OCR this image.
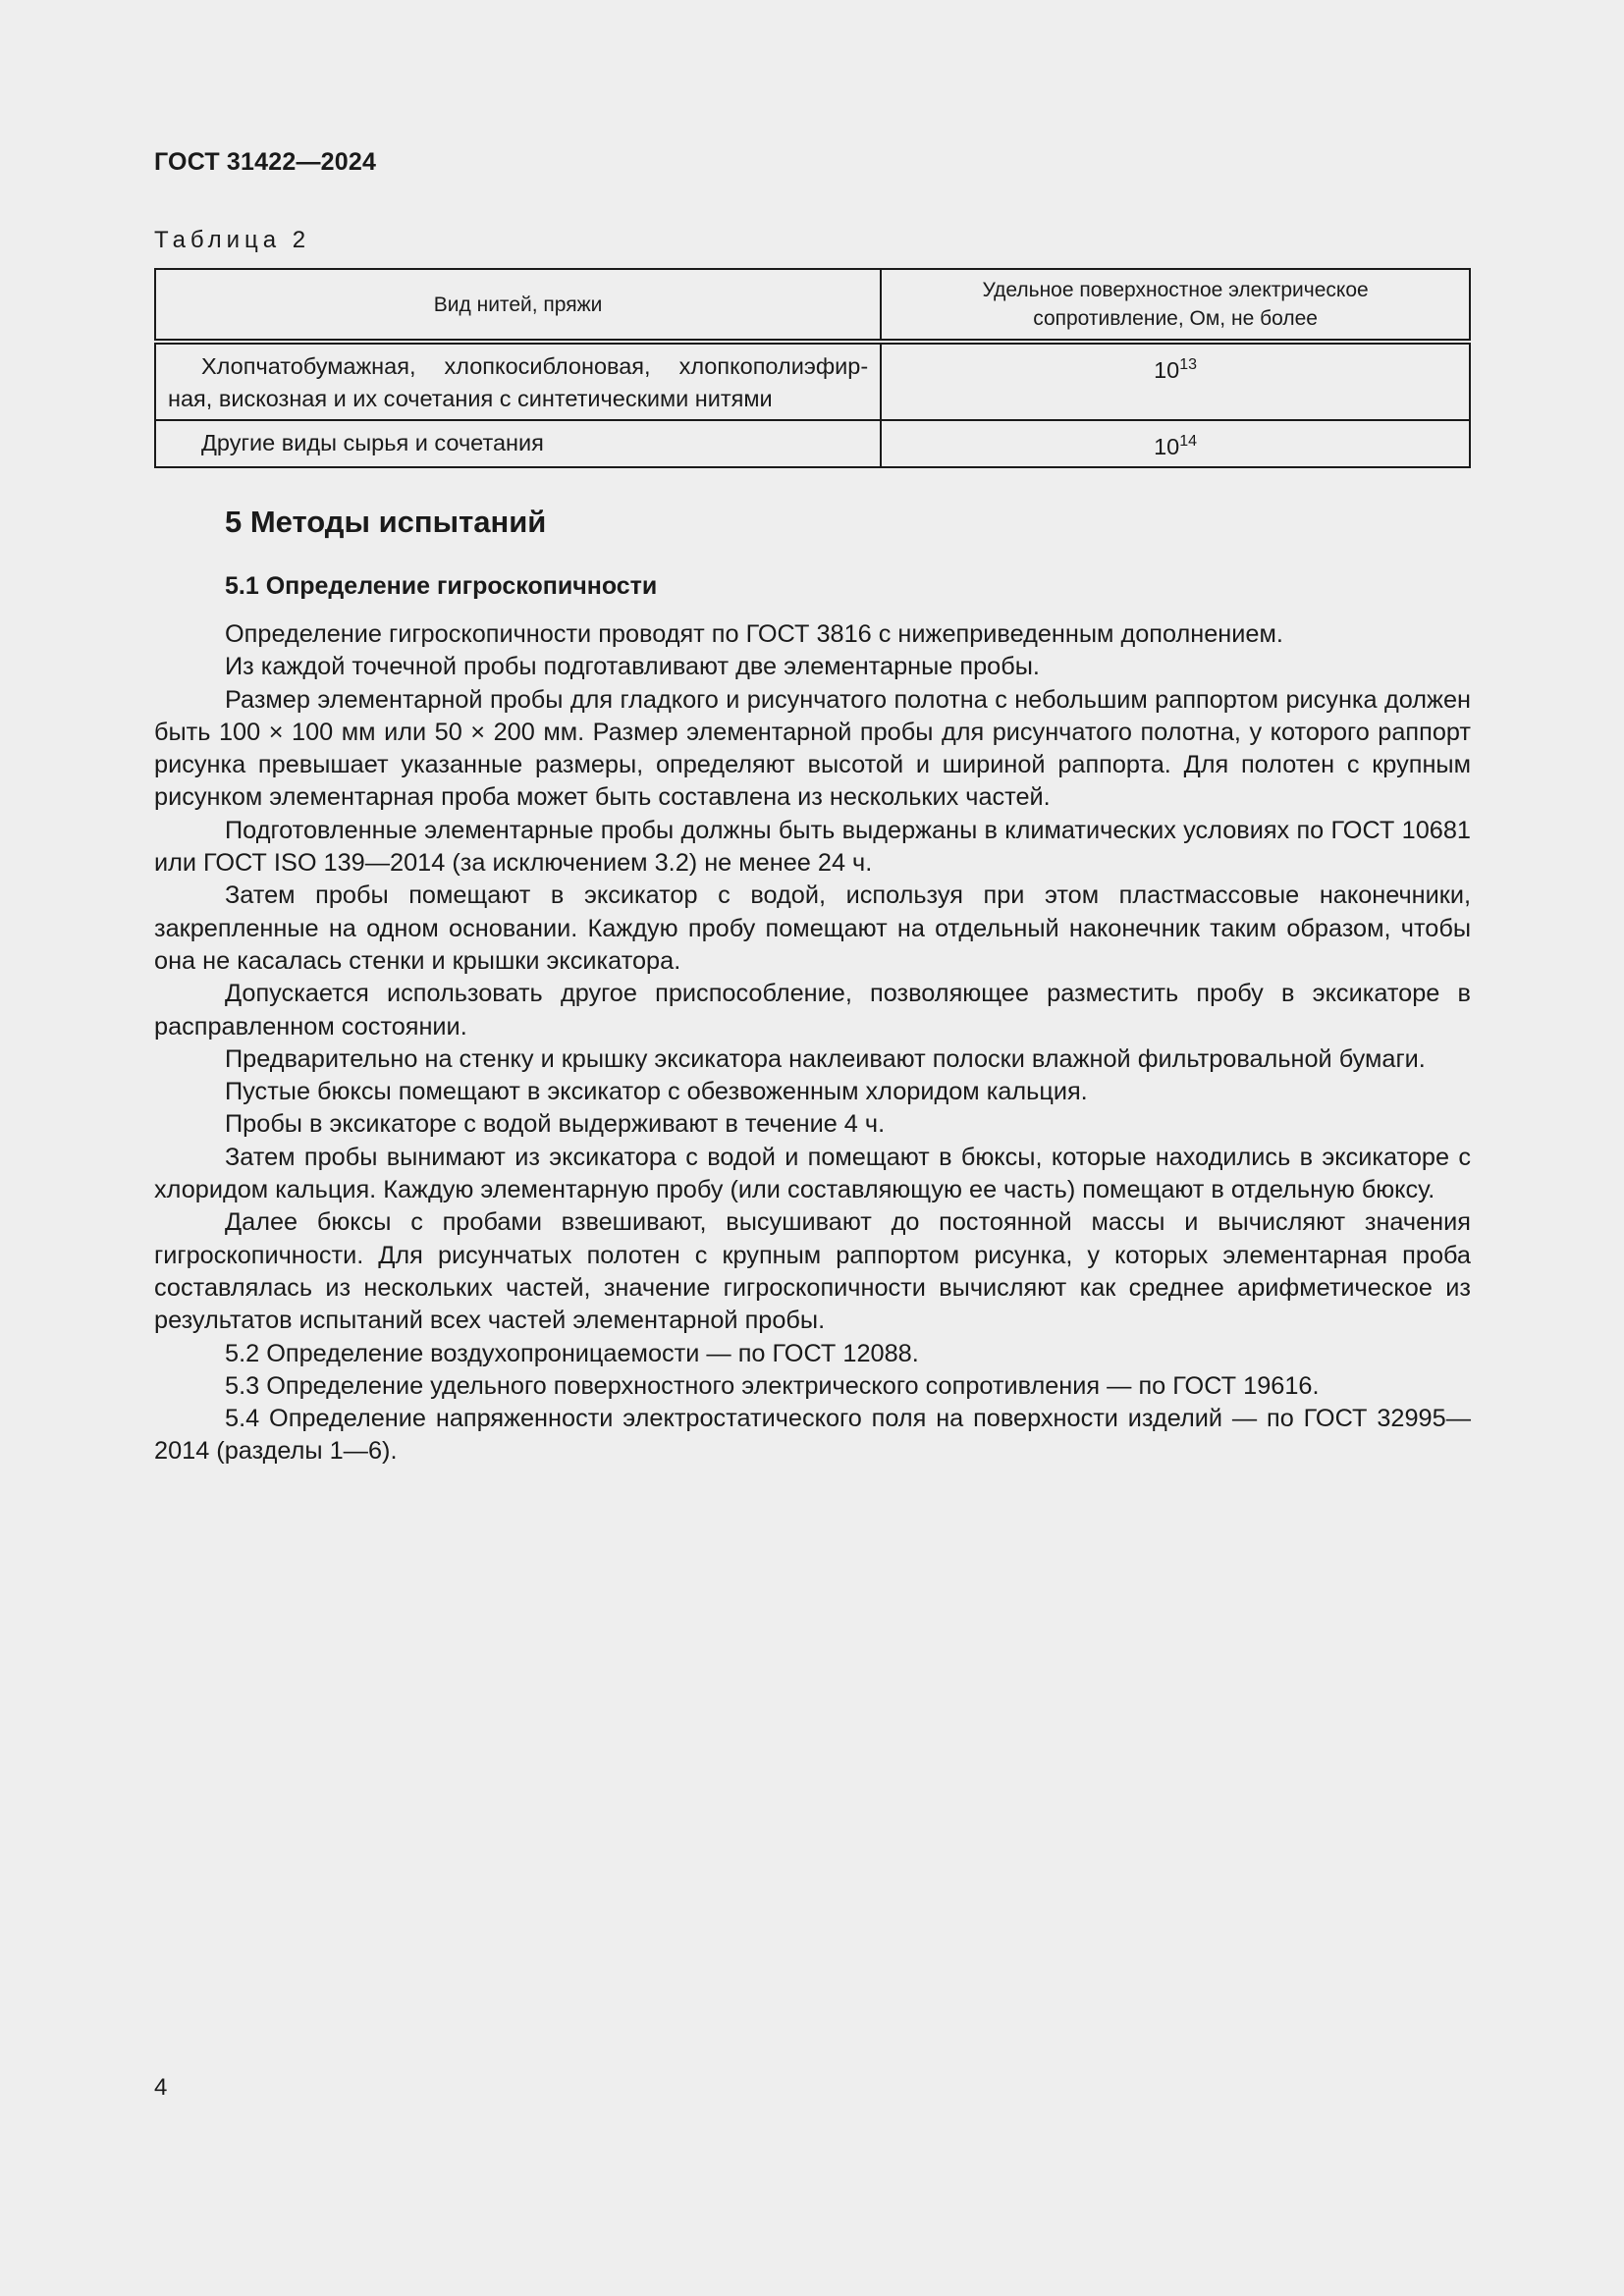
ГОСТ 31422—2024
Таблица 2
Вид нитей, пряжи	Удельное поверхностное электрическое сопротивление, Ом, не более

Хлопчатобумажная, хлопкосиблоновая, хлопкополиэфир-ная, вискозная и их сочетания с синтетическими нитями	$10^{13}$

Другие виды сырья и сочетания	$10^{14}$
5 Методы испытаний
5.1 Определение гигроскопичности

Определение гигроскопичности проводят по ГОСТ 3816 с нижеприведенным дополнением.

Из каждой точечной пробы подготавливают две элементарные пробы.

Размер элементарной пробы для гладкого и рисунчатого полотна с небольшим раппортом рисунка должен быть 100 × 100 мм или 50 × 200 мм. Размер элементарной пробы для рисунчатого полотна, у которого раппорт рисунка превышает указанные размеры, определяют высотой и шириной раппорта. Для полотен с крупным рисунком элементарная проба может быть составлена из нескольких частей.

Подготовленные элементарные пробы должны быть выдержаны в климатических условиях по ГОСТ 10681 или ГОСТ ISO 139—2014 (за исключением 3.2) не менее 24 ч.

Затем пробы помещают в эксикатор с водой, используя при этом пластмассовые наконечники, закрепленные на одном основании. Каждую пробу помещают на отдельный наконечник таким образом, чтобы она не касалась стенки и крышки эксикатора.

Допускается использовать другое приспособление, позволяющее разместить пробу в эксикаторе в расправленном состоянии.

Предварительно на стенку и крышку эксикатора наклеивают полоски влажной фильтровальной бумаги.

Пустые бюксы помещают в эксикатор с обезвоженным хлоридом кальция.

Пробы в эксикаторе с водой выдерживают в течение 4 ч.

Затем пробы вынимают из эксикатора с водой и помещают в бюксы, которые находились в эксикаторе с хлоридом кальция. Каждую элементарную пробу (или составляющую ее часть) помещают в отдельную бюксу.

Далее бюксы с пробами взвешивают, высушивают до постоянной массы и вычисляют значения гигроскопичности. Для рисунчатых полотен с крупным раппортом рисунка, у которых элементарная проба составлялась из нескольких частей, значение гигроскопичности вычисляют как среднее арифметическое из результатов испытаний всех частей элементарной пробы.

5.2 Определение воздухопроницаемости — по ГОСТ 12088.

5.3 Определение удельного поверхностного электрического сопротивления — по ГОСТ 19616.

5.4 Определение напряженности электростатического поля на поверхности изделий — по ГОСТ 32995—2014 (разделы 1—6).

4
